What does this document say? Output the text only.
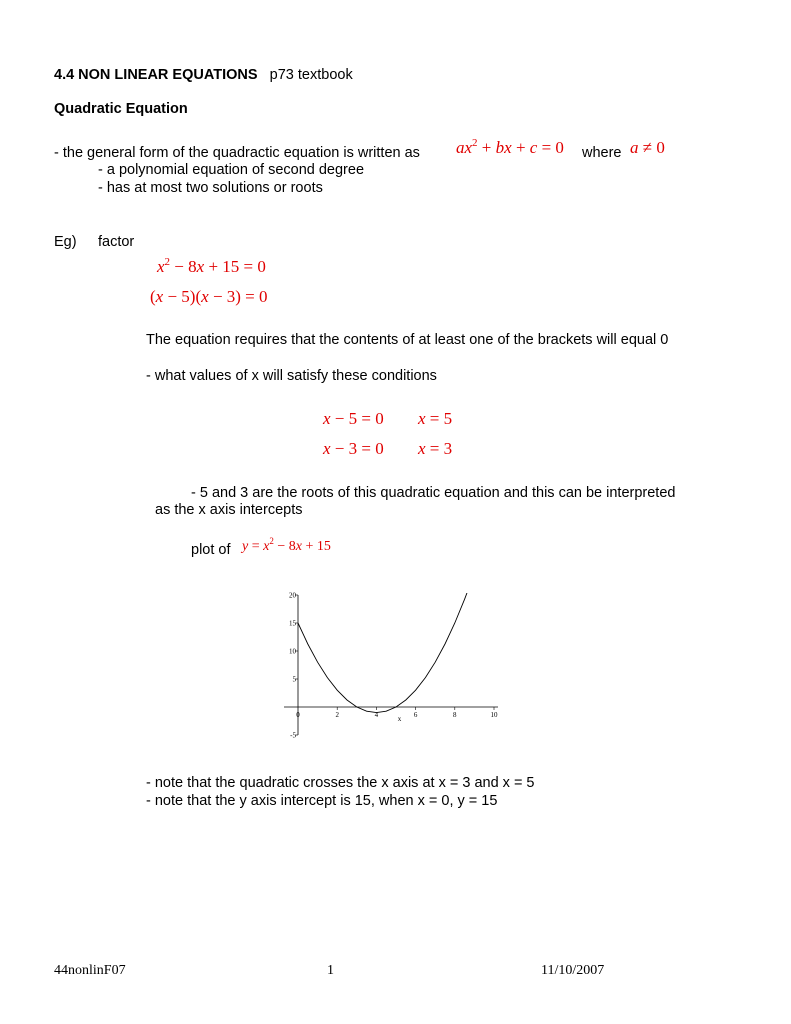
4.4 NON LINEAR EQUATIONS p73 textbook
Quadratic Equation
- the general form of the quadractic equation is written as $ax^2$ + bx + c = 0 where a ≠ 0
- a polynomial equation of second degree
- has at most two solutions or roots
Eg) factor
$x^2 - 8x + 15 = 0$
(x − 5)(x − 3) = 0
The equation requires that the contents of at least one of the brackets will equal 0
- what values of x will satisfy these conditions
x − 5 = 0 x = 5
x − 3 = 0 x = 3
- 5 and 3 are the roots of this quadratic equation and this can be interpreted
as the x axis intercepts
plot of $y = x^2 - 8x + 15$
0	2	4	6	8	10
-5
5
10
15
20
x
- note that the quadratic crosses the x axis at x = 3 and x = 5
- note that the y axis intercept is 15, when x = 0, y = 15
44nonlinF07	1	11/10/2007
